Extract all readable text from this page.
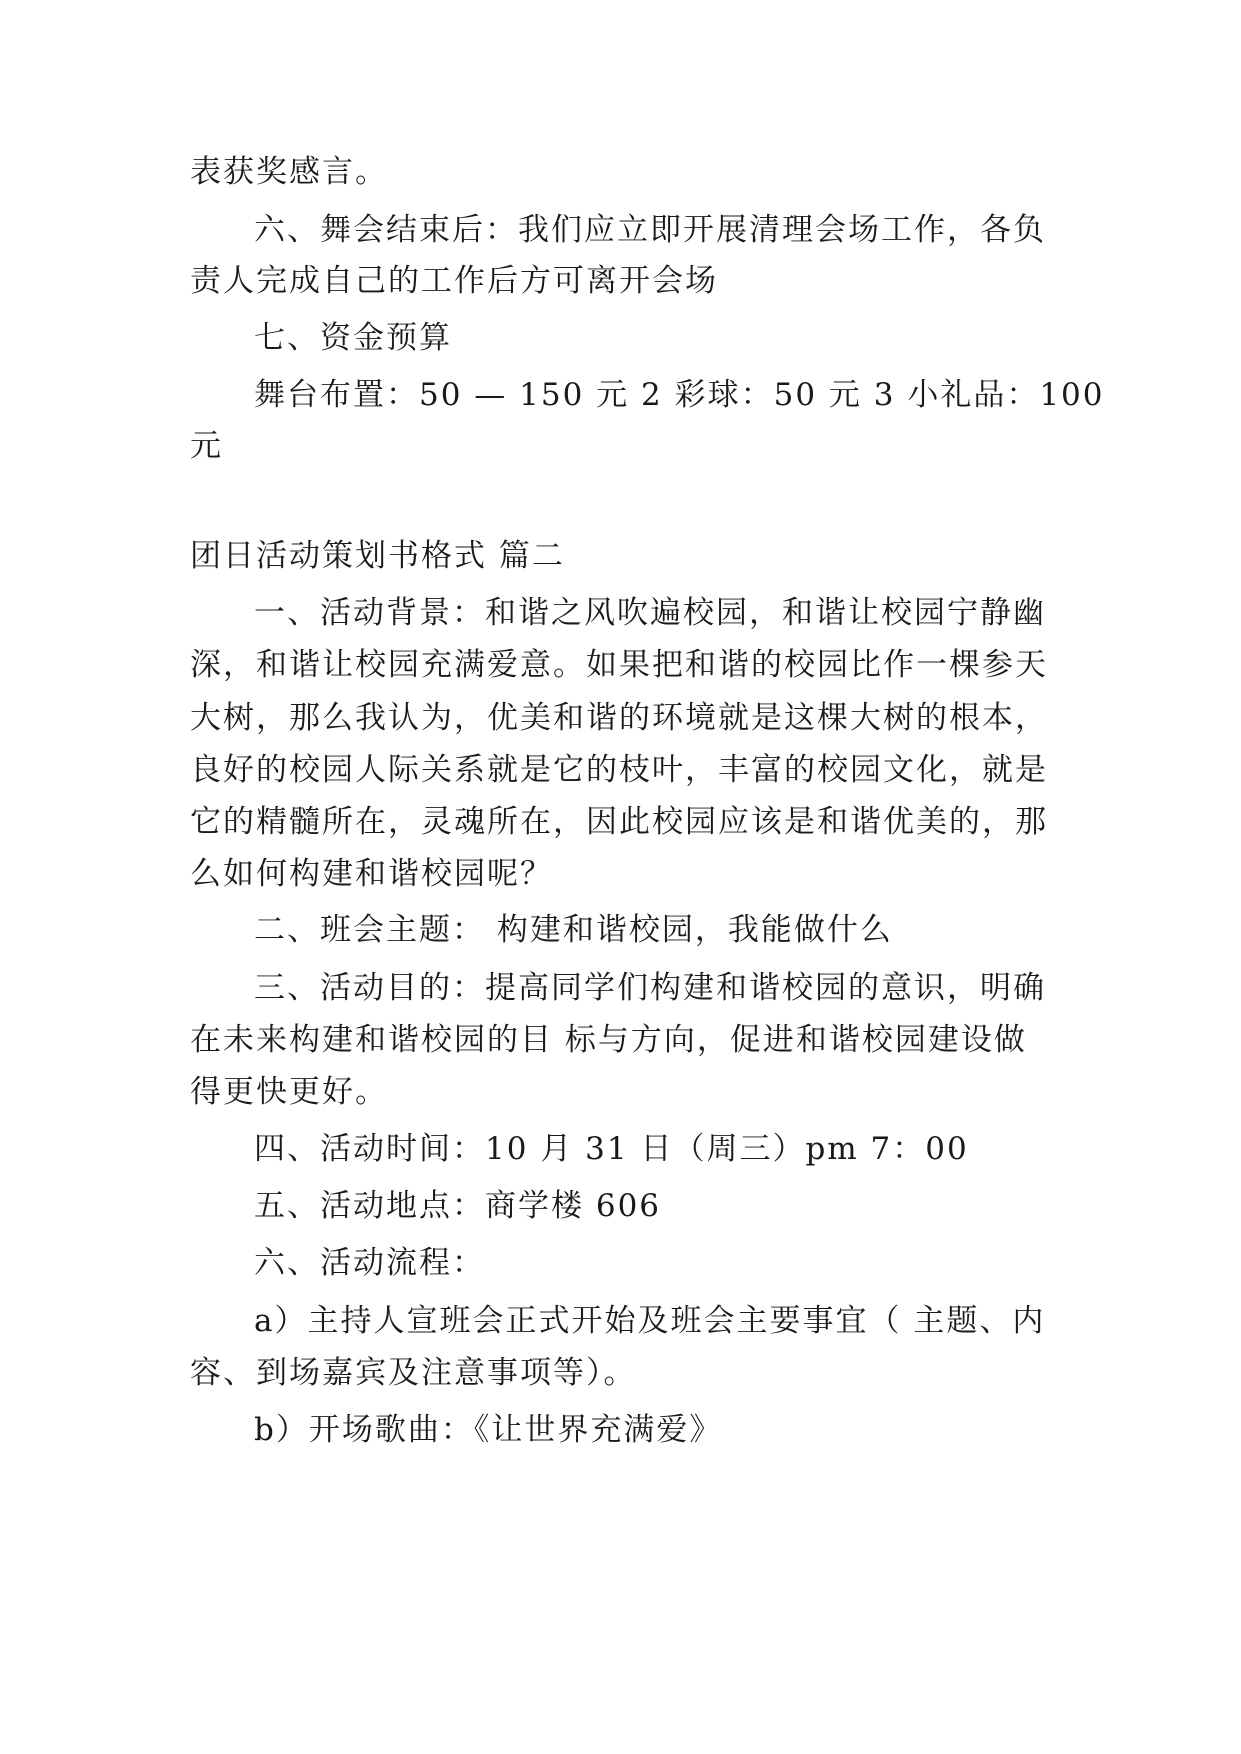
表获奖感言。
六、舞会结束后：我们应立即开展清理会场工作，各负
责人完成自己的工作后方可离开会场
七、资金预算
舞台布置：50 — 150 元 2 彩球：50 元 3 小礼品：100
元
团日活动策划书格式 篇二
一、活动背景：和谐之风吹遍校园，和谐让校园宁静幽
深，和谐让校园充满爱意。如果把和谐的校园比作一棵参天
大树，那么我认为，优美和谐的环境就是这棵大树的根本，
良好的校园人际关系就是它的枝叶，丰富的校园文化，就是
它的精髓所在，灵魂所在，因此校园应该是和谐优美的，那
么如何构建和谐校园呢？
二、班会主题： 构建和谐校园，我能做什么
三、活动目的：提高同学们构建和谐校园的意识，明确
在未来构建和谐校园的目 标与方向，促进和谐校园建设做
得更快更好。
四、活动时间：10 月 31 日（周三）pm 7：00
五、活动地点：商学楼 606
六、活动流程：
a）主持人宣班会正式开始及班会主要事宜（ 主题、内
容、到场嘉宾及注意事项等）。
b）开场歌曲：《让世界充满爱》
